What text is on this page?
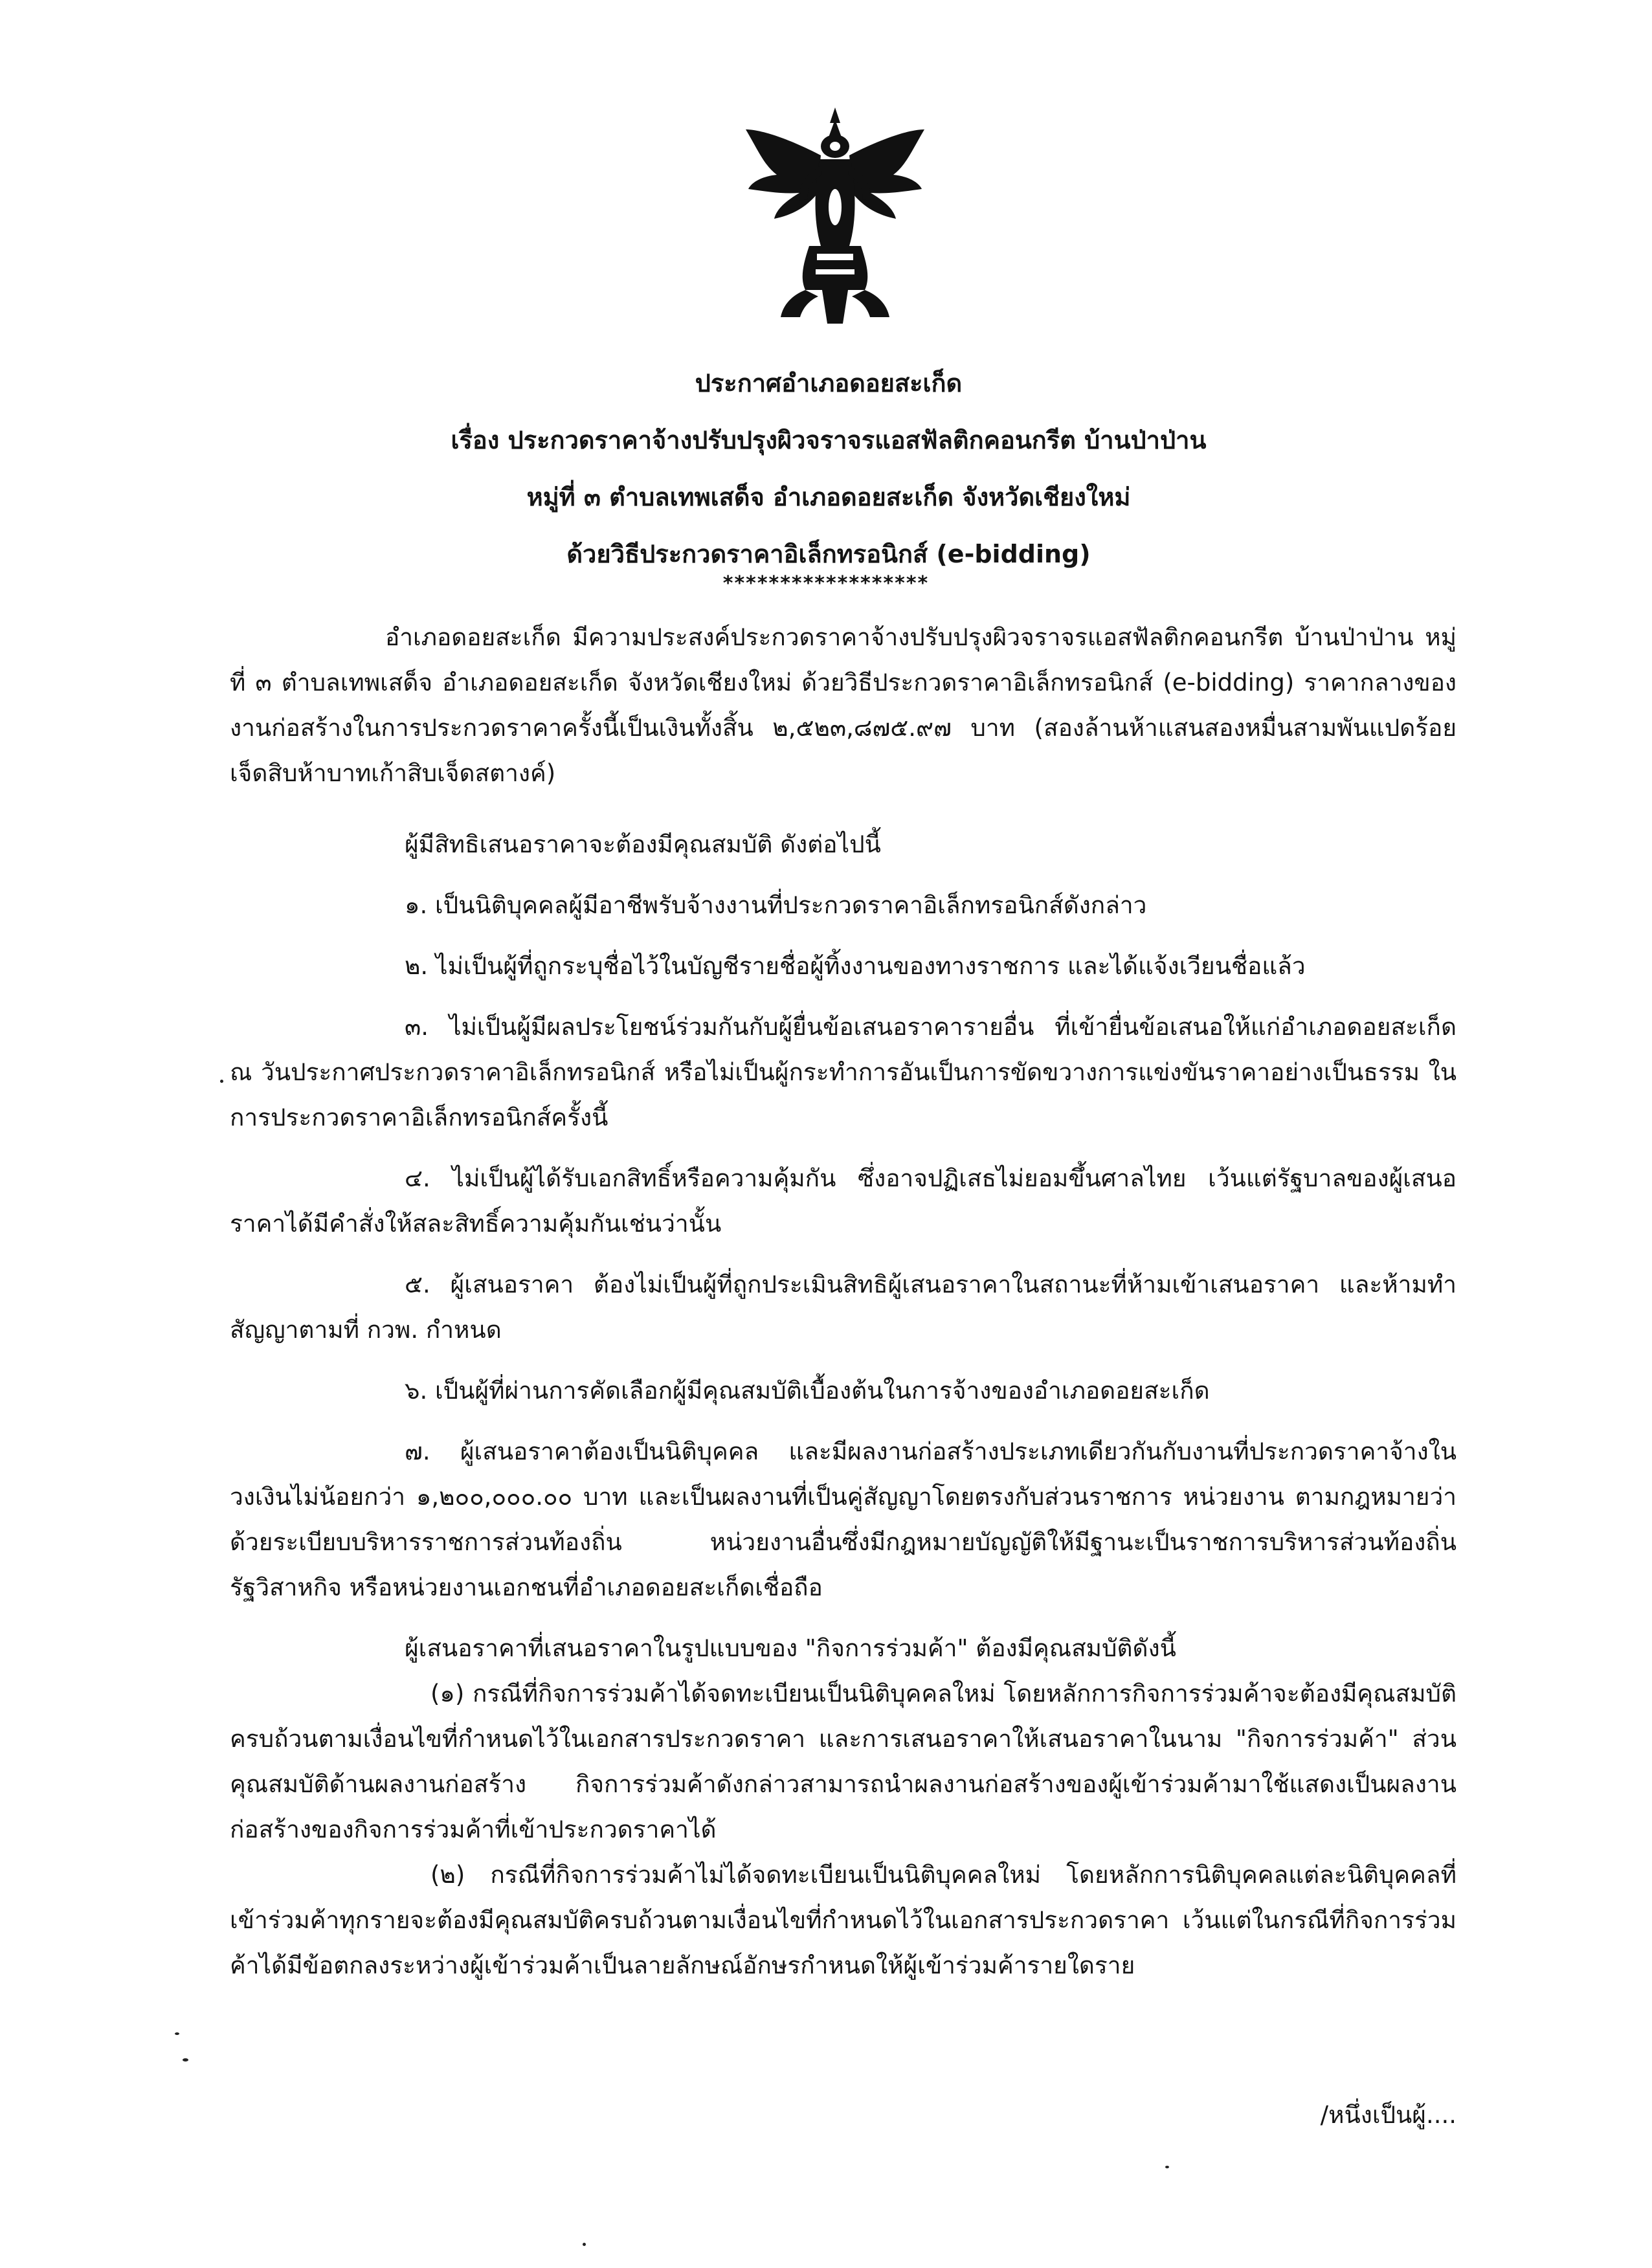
ประกาศอำเภอดอยสะเก็ด
เรื่อง ประกวดราคาจ้างปรับปรุงผิวจราจรแอสฟัลติกคอนกรีต บ้านป่าป่าน
หมู่ที่ ๓ ตำบลเทพเสด็จ อำเภอดอยสะเก็ด จังหวัดเชียงใหม่
ด้วยวิธีประกวดราคาอิเล็กทรอนิกส์ (e-bidding)
******************

อำเภอดอยสะเก็ด มีความประสงค์ประกวดราคาจ้างปรับปรุงผิวจราจรแอสฟัลติกคอนกรีต บ้านป่าป่าน หมู่ที่ ๓ ตำบลเทพเสด็จ อำเภอดอยสะเก็ด จังหวัดเชียงใหม่ ด้วยวิธีประกวดราคาอิเล็กทรอนิกส์ (e-bidding) ราคากลางของงานก่อสร้างในการประกวดราคาครั้งนี้เป็นเงินทั้งสิ้น ๒,๕๒๓,๘๗๕.๙๗ บาท (สองล้านห้าแสนสองหมื่นสามพันแปดร้อยเจ็ดสิบห้าบาทเก้าสิบเจ็ดสตางค์)

ผู้มีสิทธิเสนอราคาจะต้องมีคุณสมบัติ ดังต่อไปนี้

๑. เป็นนิติบุคคลผู้มีอาชีพรับจ้างงานที่ประกวดราคาอิเล็กทรอนิกส์ดังกล่าว

๒. ไม่เป็นผู้ที่ถูกระบุชื่อไว้ในบัญชีรายชื่อผู้ทิ้งงานของทางราชการ และได้แจ้งเวียนชื่อแล้ว

๓. ไม่เป็นผู้มีผลประโยชน์ร่วมกันกับผู้ยื่นข้อเสนอราคารายอื่น ที่เข้ายื่นข้อเสนอให้แก่อำเภอดอยสะเก็ด ณ วันประกาศประกวดราคาอิเล็กทรอนิกส์ หรือไม่เป็นผู้กระทำการอันเป็นการขัดขวางการแข่งขันราคาอย่างเป็นธรรม ในการประกวดราคาอิเล็กทรอนิกส์ครั้งนี้

๔. ไม่เป็นผู้ได้รับเอกสิทธิ์หรือความคุ้มกัน ซึ่งอาจปฏิเสธไม่ยอมขึ้นศาลไทย เว้นแต่รัฐบาลของผู้เสนอราคาได้มีคำสั่งให้สละสิทธิ์ความคุ้มกันเช่นว่านั้น

๕. ผู้เสนอราคา ต้องไม่เป็นผู้ที่ถูกประเมินสิทธิผู้เสนอราคาในสถานะที่ห้ามเข้าเสนอราคา และห้ามทำสัญญาตามที่ กวพ. กำหนด

๖. เป็นผู้ที่ผ่านการคัดเลือกผู้มีคุณสมบัติเบื้องต้นในการจ้างของอำเภอดอยสะเก็ด

๗. ผู้เสนอราคาต้องเป็นนิติบุคคล และมีผลงานก่อสร้างประเภทเดียวกันกับงานที่ประกวดราคาจ้างในวงเงินไม่น้อยกว่า ๑,๒๐๐,๐๐๐.๐๐ บาท และเป็นผลงานที่เป็นคู่สัญญาโดยตรงกับส่วนราชการ หน่วยงาน ตามกฎหมายว่าด้วยระเบียบบริหารราชการส่วนท้องถิ่น หน่วยงานอื่นซึ่งมีกฎหมายบัญญัติให้มีฐานะเป็นราชการบริหารส่วนท้องถิ่น รัฐวิสาหกิจ หรือหน่วยงานเอกชนที่อำเภอดอยสะเก็ดเชื่อถือ

ผู้เสนอราคาที่เสนอราคาในรูปแบบของ "กิจการร่วมค้า" ต้องมีคุณสมบัติดังนี้

(๑) กรณีที่กิจการร่วมค้าได้จดทะเบียนเป็นนิติบุคคลใหม่ โดยหลักการกิจการร่วมค้าจะต้องมีคุณสมบัติครบถ้วนตามเงื่อนไขที่กำหนดไว้ในเอกสารประกวดราคา และการเสนอราคาให้เสนอราคาในนาม "กิจการร่วมค้า" ส่วนคุณสมบัติด้านผลงานก่อสร้าง กิจการร่วมค้าดังกล่าวสามารถนำผลงานก่อสร้างของผู้เข้าร่วมค้ามาใช้แสดงเป็นผลงานก่อสร้างของกิจการร่วมค้าที่เข้าประกวดราคาได้

(๒) กรณีที่กิจการร่วมค้าไม่ได้จดทะเบียนเป็นนิติบุคคลใหม่ โดยหลักการนิติบุคคลแต่ละนิติบุคคลที่เข้าร่วมค้าทุกรายจะต้องมีคุณสมบัติครบถ้วนตามเงื่อนไขที่กำหนดไว้ในเอกสารประกวดราคา เว้นแต่ในกรณีที่กิจการร่วมค้าได้มีข้อตกลงระหว่างผู้เข้าร่วมค้าเป็นลายลักษณ์อักษรกำหนดให้ผู้เข้าร่วมค้ารายใดราย

/หนึ่งเป็นผู้....
